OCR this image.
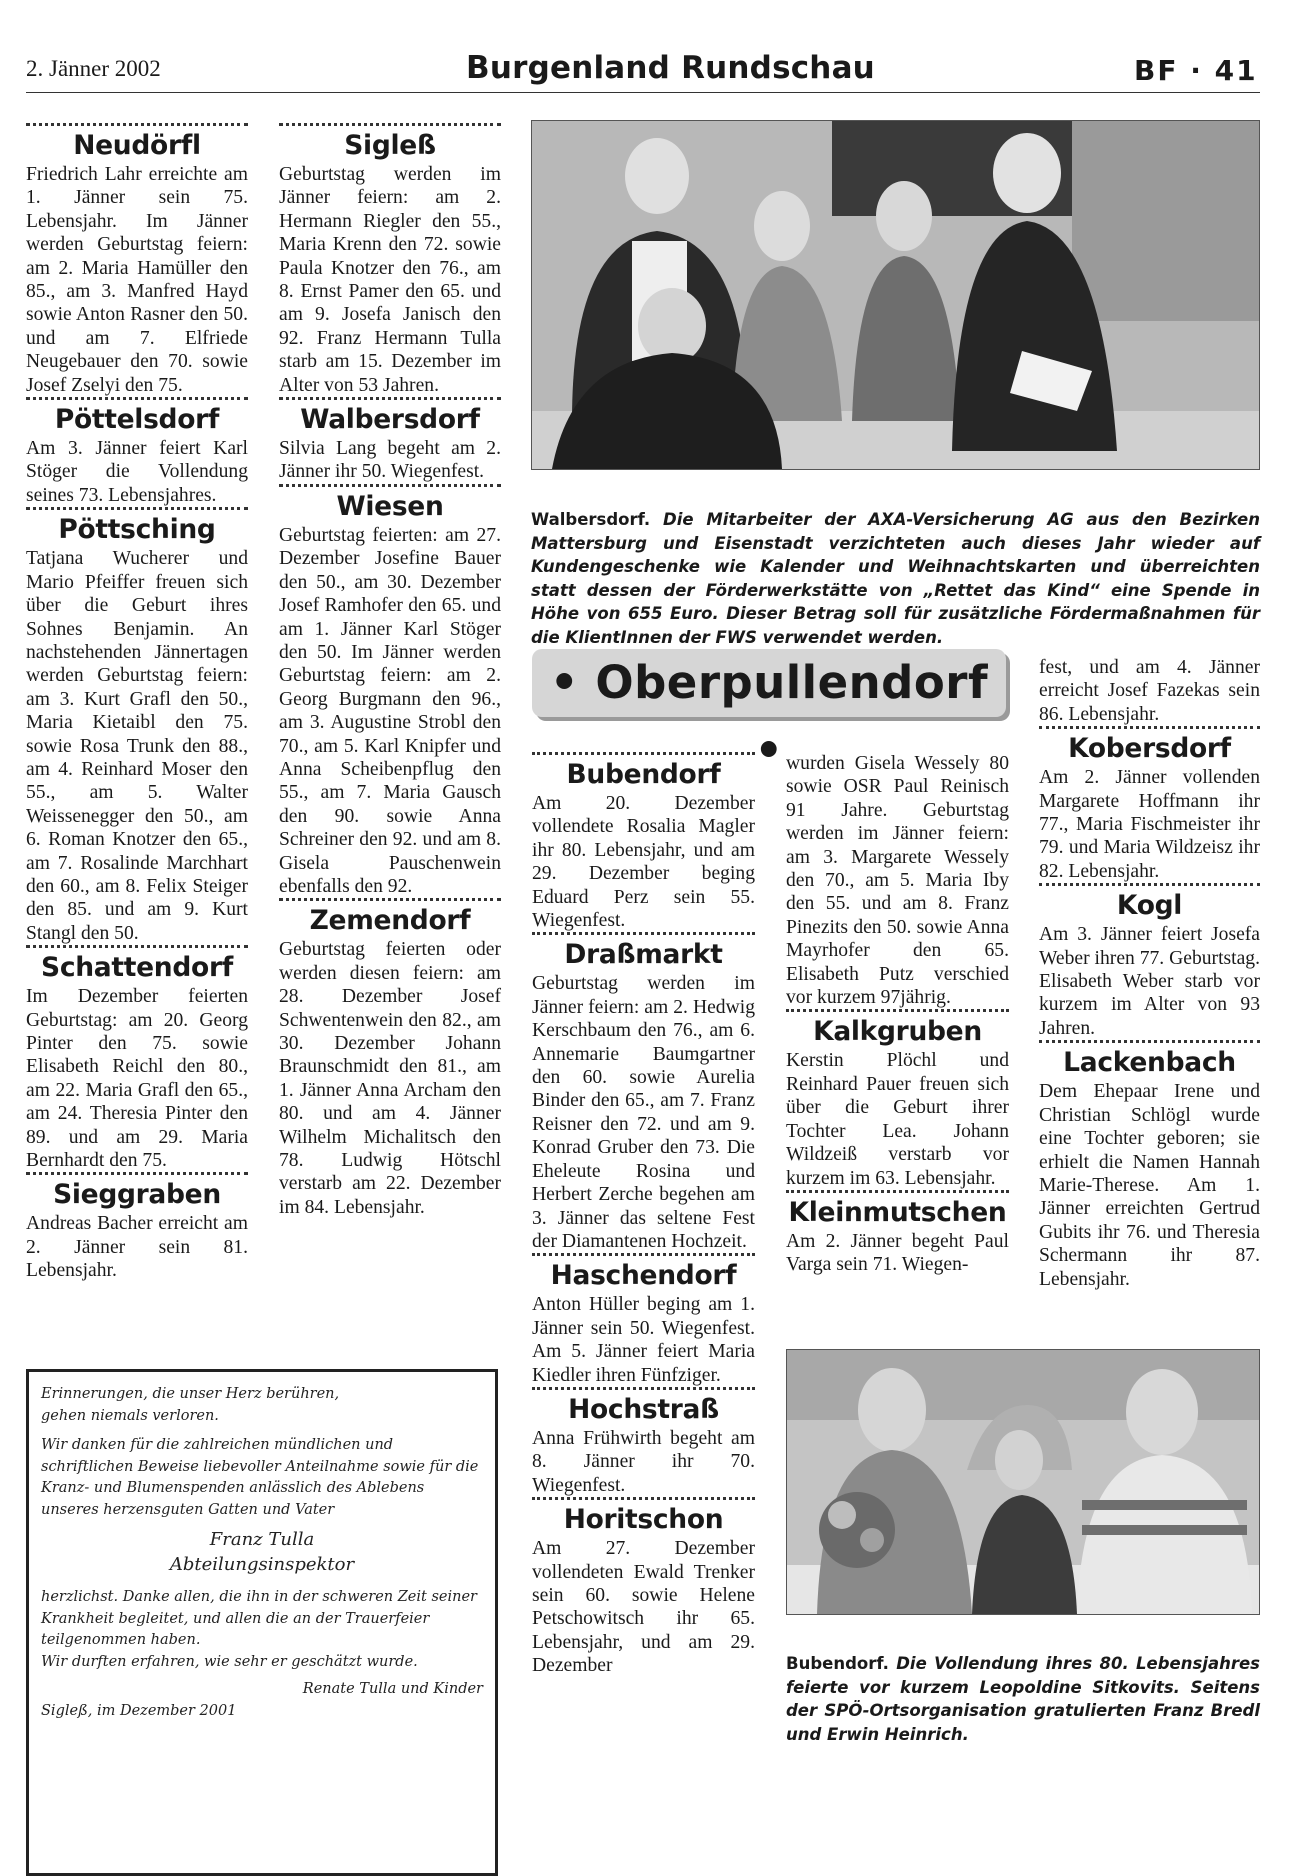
2. Jänner 2002	Burgenland Rundschau	BF · 41
Neudörfl

Friedrich Lahr erreichte am 1. Jänner sein 75. Lebensjahr. Im Jänner werden Geburtstag feiern: am 2. Maria Hamüller den 85., am 3. Manfred Hayd sowie Anton Rasner den 50. und am 7. Elfriede Neugebauer den 70. sowie Josef Zselyi den 75.

Pöttelsdorf

Am 3. Jänner feiert Karl Stöger die Vollendung seines 73. Lebensjahres.

Pöttsching

Tatjana Wucherer und Mario Pfeiffer freuen sich über die Geburt ihres Sohnes Benjamin. An nachstehenden Jännertagen werden Geburtstag feiern: am 3. Kurt Grafl den 50., Maria Kietaibl den 75. sowie Rosa Trunk den 88., am 4. Reinhard Moser den 55., am 5. Walter Weissenegger den 50., am 6. Roman Knotzer den 65., am 7. Rosalinde Marchhart den 60., am 8. Felix Steiger den 85. und am 9. Kurt Stangl den 50.

Schattendorf

Im Dezember feierten Geburtstag: am 20. Georg Pinter den 75. sowie Elisabeth Reichl den 80., am 22. Maria Grafl den 65., am 24. Theresia Pinter den 89. und am 29. Maria Bernhardt den 75.

Sieggraben

Andreas Bacher erreicht am 2. Jänner sein 81. Lebensjahr.

Sigleß

Geburtstag werden im Jänner feiern: am 2. Hermann Riegler den 55., Maria Krenn den 72. sowie Paula Knotzer den 76., am 8. Ernst Pamer den 65. und am 9. Josefa Janisch den 92. Franz Hermann Tulla starb am 15. Dezember im Alter von 53 Jahren.

Walbersdorf

Silvia Lang begeht am 2. Jänner ihr 50. Wiegenfest.

Wiesen

Geburtstag feierten: am 27. Dezember Josefine Bauer den 50., am 30. Dezember Josef Ramhofer den 65. und am 1. Jänner Karl Stöger den 50. Im Jänner werden Geburtstag feiern: am 2. Georg Burgmann den 96., am 3. Augustine Strobl den 70., am 5. Karl Knipfer und Anna Scheibenpflug den 55., am 7. Maria Gausch den 90. sowie Anna Schreiner den 92. und am 8. Gisela Pauschenwein ebenfalls den 92.

Zemendorf

Geburtstag feierten oder werden diesen feiern: am 28. Dezember Josef Schwentenwein den 82., am 30. Dezember Johann Braunschmidt den 81., am 1. Jänner Anna Archam den 80. und am 4. Jänner Wilhelm Michalitsch den 78. Ludwig Hötschl verstarb am 22. Dezember im 84. Lebensjahr.

Walbersdorf. Die Mitarbeiter der AXA-Versicherung AG aus den Bezirken Mattersburg und Eisenstadt verzichteten auch dieses Jahr wieder auf Kundengeschenke wie Kalender und Weihnachtskarten und überreichten statt dessen der Förderwerkstätte von „Rettet das Kind“ eine Spende in Höhe von 655 Euro. Dieser Betrag soll für zusätzliche Fördermaßnahmen für die KlientInnen der FWS verwendet werden.
• Oberpullendorf •
Bubendorf

Am 20. Dezember vollendete Rosalia Magler ihr 80. Lebensjahr, und am 29. Dezember beging Eduard Perz sein 55. Wiegenfest.

Draßmarkt

Geburtstag werden im Jänner feiern: am 2. Hedwig Kerschbaum den 76., am 6. Annemarie Baumgartner den 60. sowie Aurelia Binder den 65., am 7. Franz Reisner den 72. und am 9. Konrad Gruber den 73. Die Eheleute Rosina und Herbert Zerche begehen am 3. Jänner das seltene Fest der Diamantenen Hochzeit.

Haschendorf

Anton Hüller beging am 1. Jänner sein 50. Wiegenfest. Am 5. Jänner feiert Maria Kiedler ihren Fünfziger.

Hochstraß

Anna Frühwirth begeht am 8. Jänner ihr 70. Wiegenfest.

Horitschon

Am 27. Dezember vollendeten Ewald Trenker sein 60. sowie Helene Petschowitsch ihr 65. Lebensjahr, und am 29. Dezember

wurden Gisela Wessely 80 sowie OSR Paul Reinisch 91 Jahre. Geburtstag werden im Jänner feiern: am 3. Margarete Wessely den 70., am 5. Maria Iby den 55. und am 8. Franz Pinezits den 50. sowie Anna Mayrhofer den 65. Elisabeth Putz verschied vor kurzem 97jährig.

Kalkgruben

Kerstin Plöchl und Reinhard Pauer freuen sich über die Geburt ihrer Tochter Lea. Johann Wildzeiß verstarb vor kurzem im 63. Lebensjahr.

Kleinmutschen

Am 2. Jänner begeht Paul Varga sein 71. Wiegen-

fest, und am 4. Jänner erreicht Josef Fazekas sein 86. Lebensjahr.

Kobersdorf

Am 2. Jänner vollenden Margarete Hoffmann ihr 77., Maria Fischmeister ihr 79. und Maria Wildzeisz ihr 82. Lebensjahr.

Kogl

Am 3. Jänner feiert Josefa Weber ihren 77. Geburtstag. Elisabeth Weber starb vor kurzem im Alter von 93 Jahren.

Lackenbach

Dem Ehepaar Irene und Christian Schlögl wurde eine Tochter geboren; sie erhielt die Namen Hannah Marie-Therese. Am 1. Jänner erreichten Gertrud Gubits ihr 76. und Theresia Schermann ihr 87. Lebensjahr.

Bubendorf. Die Vollendung ihres 80. Lebensjahres feierte vor kurzem Leopoldine Sitkovits. Seitens der SPÖ-Ortsorganisation gratulierten Franz Bredl und Erwin Heinrich.

Erinnerungen, die unser Herz berühren,

gehen niemals verloren.

Wir danken für die zahlreichen mündlichen und schriftlichen Beweise liebevoller Anteilnahme sowie für die Kranz- und Blumenspenden anlässlich des Ablebens unseres herzensguten Gatten und Vater

Franz Tulla

Abteilungsinspektor

herzlichst. Danke allen, die ihn in der schweren Zeit seiner Krankheit begleitet, und allen die an der Trauerfeier teilgenommen haben.

Wir durften erfahren, wie sehr er geschätzt wurde.

Renate Tulla und Kinder

Sigleß, im Dezember 2001
